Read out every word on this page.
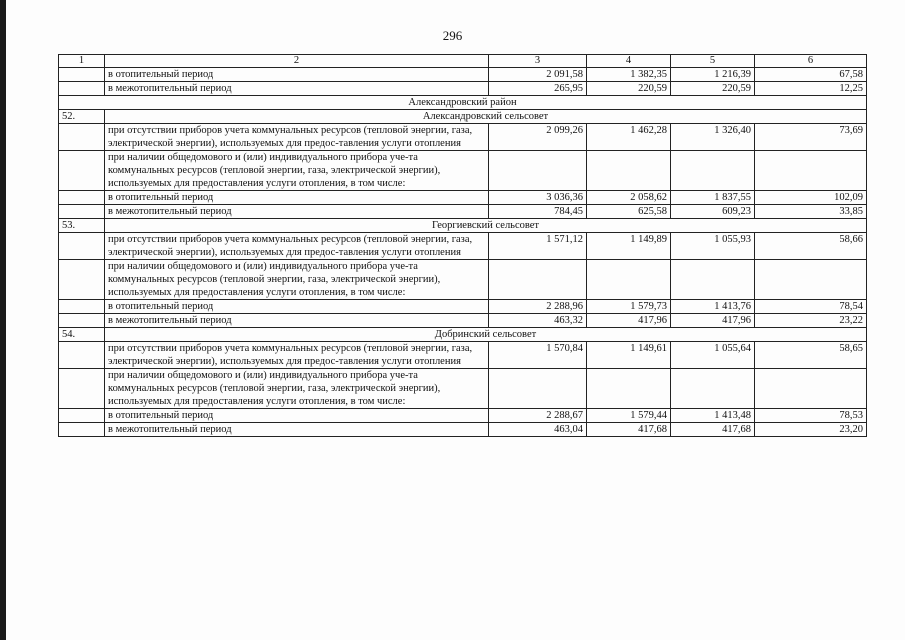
296
1	2	3	4	5	6
	в отопительный период	2 091,58	1 382,35	1 216,39	67,58
	в межотопительный период	265,95	220,59	220,59	12,25
Александровский район					
52.	Александровский сельсовет				
	при отсутствии приборов учета коммунальных ресурсов (тепловой энергии, газа, электрической энергии), используемых для предос-тавления услуги отопления	2 099,26	1 462,28	1 326,40	73,69
	при наличии общедомового и (или) индивидуального прибора уче-та коммунальных ресурсов (тепловой энергии, газа, электрической энергии), используемых для предоставления услуги отопления, в том числе:				
	в отопительный период	3 036,36	2 058,62	1 837,55	102,09
	в межотопительный период	784,45	625,58	609,23	33,85
53.	Георгиевский сельсовет				
	при отсутствии приборов учета коммунальных ресурсов (тепловой энергии, газа, электрической энергии), используемых для предос-тавления услуги отопления	1 571,12	1 149,89	1 055,93	58,66
	при наличии общедомового и (или) индивидуального прибора уче-та коммунальных ресурсов (тепловой энергии, газа, электрической энергии), используемых для предоставления услуги отопления, в том числе:				
	в отопительный период	2 288,96	1 579,73	1 413,76	78,54
	в межотопительный период	463,32	417,96	417,96	23,22
54.	Добринский сельсовет				
	при отсутствии приборов учета коммунальных ресурсов (тепловой энергии, газа, электрической энергии), используемых для предос-тавления услуги отопления	1 570,84	1 149,61	1 055,64	58,65
	при наличии общедомового и (или) индивидуального прибора уче-та коммунальных ресурсов (тепловой энергии, газа, электрической энергии), используемых для предоставления услуги отопления, в том числе:				
	в отопительный период	2 288,67	1 579,44	1 413,48	78,53
	в межотопительный период	463,04	417,68	417,68	23,20
